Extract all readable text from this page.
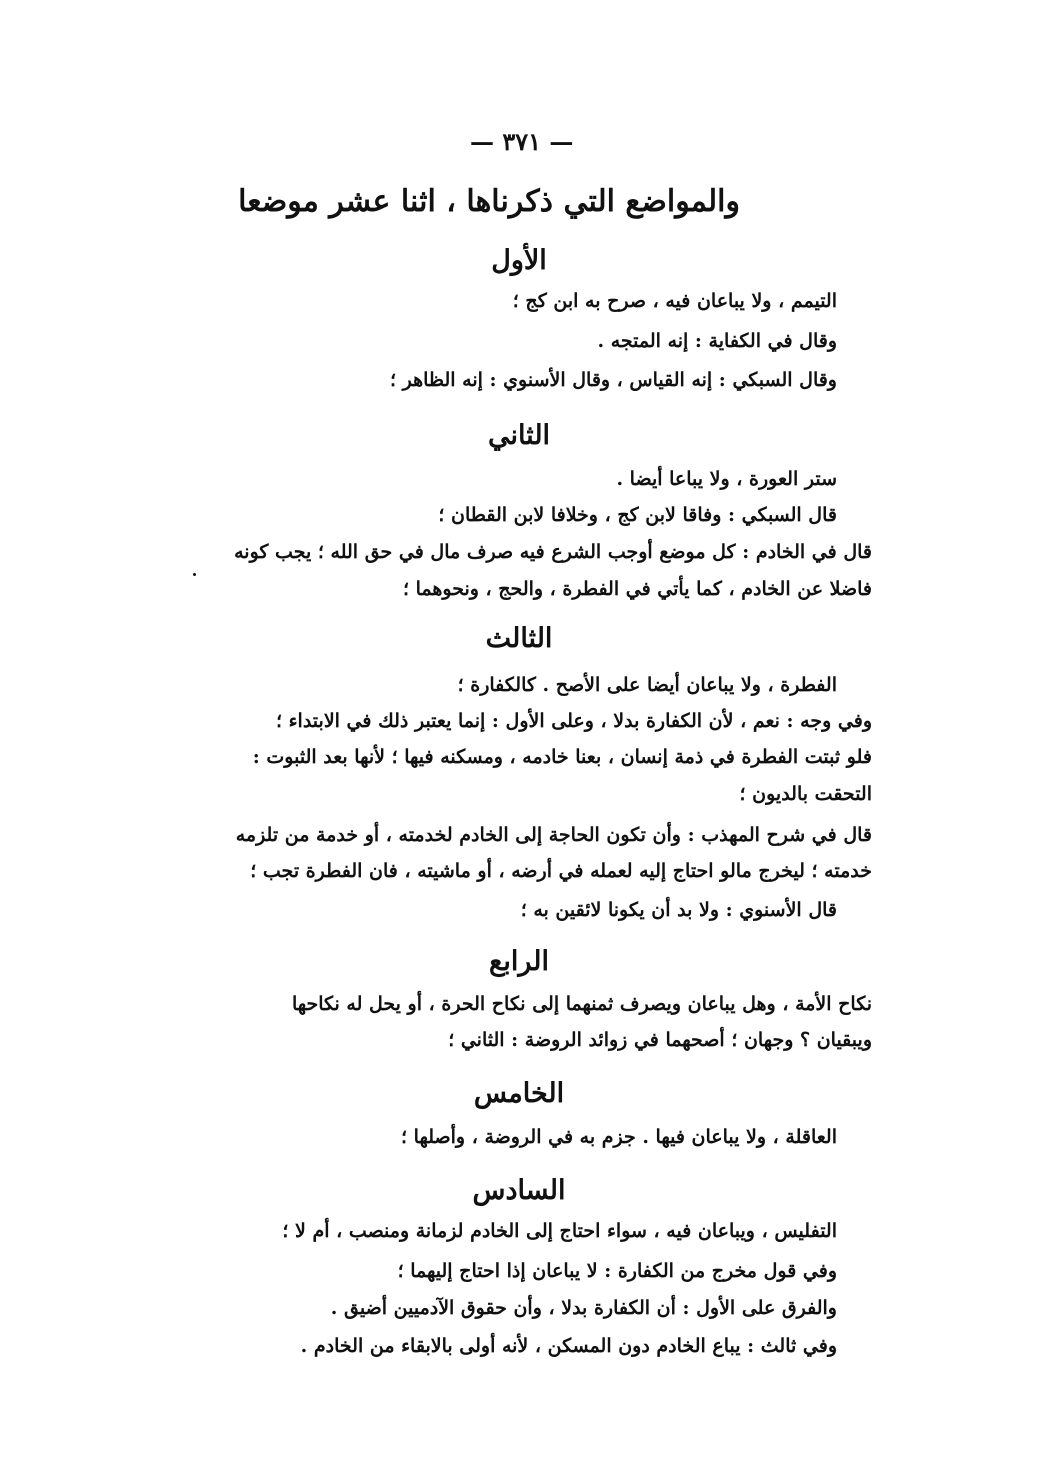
— ٣٧١ —
والمواضع التي ذكرناها ، اثنا عشر موضعا
الأول
التيمم ، ولا يباعان فيه ، صرح به ابن كج ؛
وقال في الكفاية : إنه المتجه .
وقال السبكي : إنه القياس ، وقال الأسنوي : إنه الظاهر ؛
الثاني
ستر العورة ، ولا يباعا أيضا .
قال السبكي : وفاقا لابن كج ، وخلافا لابن القطان ؛
قال في الخادم : كل موضع أوجب الشرع فيه صرف مال في حق الله ؛ يجب كونه
فاضلا عن الخادم ، كما يأتي في الفطرة ، والحج ، ونحوهما ؛
الثالث
الفطرة ، ولا يباعان أيضا على الأصح . كالكفارة ؛
وفي وجه : نعم ، لأن الكفارة بدلا ، وعلى الأول : إنما يعتبر ذلك في الابتداء ؛
فلو ثبتت الفطرة في ذمة إنسان ، بعنا خادمه ، ومسكنه فيها ؛ لأنها بعد الثبوت :
التحقت بالديون ؛
قال في شرح المهذب : وأن تكون الحاجة إلى الخادم لخدمته ، أو خدمة من تلزمه
خدمته ؛ ليخرج مالو احتاج إليه لعمله في أرضه ، أو ماشيته ، فان الفطرة تجب ؛
قال الأسنوي : ولا بد أن يكونا لائقين به ؛
الرابع
نكاح الأمة ، وهل يباعان ويصرف ثمنهما إلى نكاح الحرة ، أو يحل له نكاحها
ويبقيان ؟ وجهان ؛ أصحهما في زوائد الروضة : الثاني ؛
الخامس
العاقلة ، ولا يباعان فيها . جزم به في الروضة ، وأصلها ؛
السادس
التفليس ، ويباعان فيه ، سواء احتاج إلى الخادم لزمانة ومنصب ، أم لا ؛
وفي قول مخرج من الكفارة : لا يباعان إذا احتاج إليهما ؛
والفرق على الأول : أن الكفارة بدلا ، وأن حقوق الآدميين أضيق .
وفي ثالث : يباع الخادم دون المسكن ، لأنه أولى بالابقاء من الخادم .
